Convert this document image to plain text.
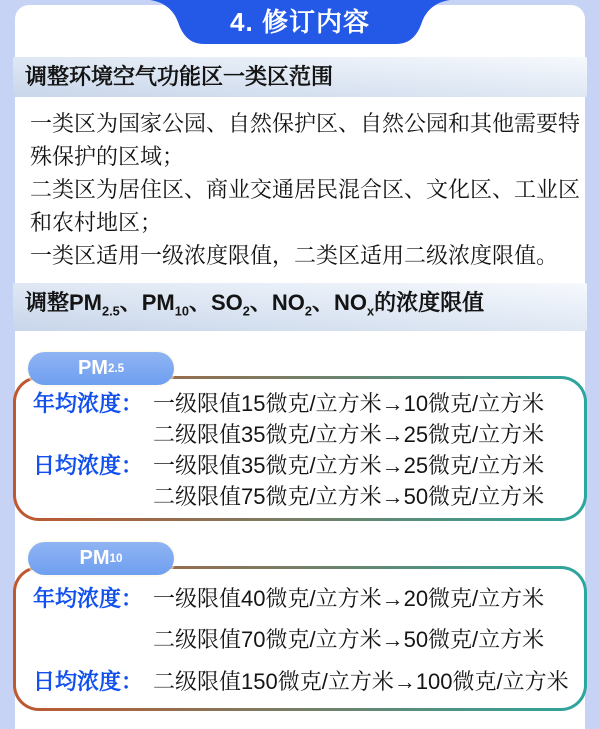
4. 修订内容
调整环境空气功能区一类区范围
一类区为国家公园、自然保护区、自然公园和其他需要特殊保护的区域；
二类区为居住区、商业交通居民混合区、文化区、工业区和农村地区；
一类区适用一级浓度限值，二类区适用二级浓度限值。
调整$PM_{2.5}$、$PM_{10}$、$SO_2$、$NO_2$、$NO_x$的浓度限值
PM 2.5
年均浓度： 一级限值15微克/立方米→10微克/立方米
二级限值35微克/立方米→25微克/立方米
日均浓度： 一级限值35微克/立方米→25微克/立方米
二级限值75微克/立方米→50微克/立方米
PM 10
年均浓度： 一级限值40微克/立方米→20微克/立方米
二级限值70微克/立方米→50微克/立方米
日均浓度： 二级限值150微克/立方米→100微克/立方米
